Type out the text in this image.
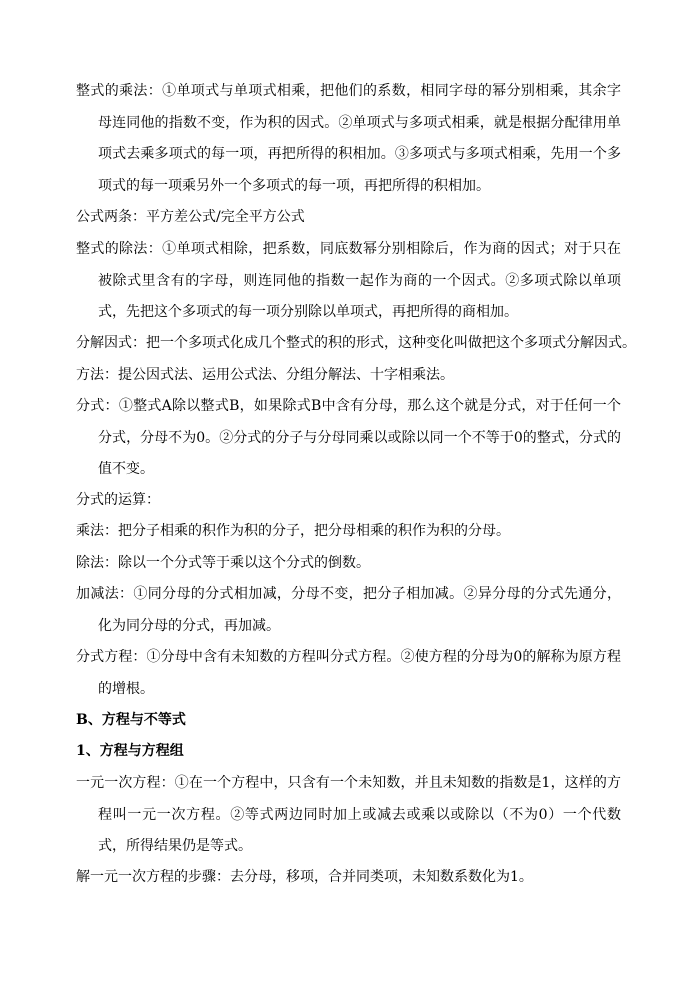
整式的乘法：①单项式与单项式相乘，把他们的系数，相同字母的幂分别相乘，其余字母连同他的指数不变，作为积的因式。②单项式与多项式相乘，就是根据分配律用单项式去乘多项式的每一项，再把所得的积相加。③多项式与多项式相乘，先用一个多项式的每一项乘另外一个多项式的每一项，再把所得的积相加。
公式两条：平方差公式/完全平方公式
整式的除法：①单项式相除，把系数，同底数幂分别相除后，作为商的因式；对于只在被除式里含有的字母，则连同他的指数一起作为商的一个因式。②多项式除以单项式，先把这个多项式的每一项分别除以单项式，再把所得的商相加。
分解因式：把一个多项式化成几个整式的积的形式，这种变化叫做把这个多项式分解因式。
方法：提公因式法、运用公式法、分组分解法、十字相乘法。
分式：①整式A除以整式B，如果除式B中含有分母，那么这个就是分式，对于任何一个分式，分母不为0。②分式的分子与分母同乘以或除以同一个不等于0的整式，分式的值不变。
分式的运算：
乘法：把分子相乘的积作为积的分子，把分母相乘的积作为积的分母。
除法：除以一个分式等于乘以这个分式的倒数。
加减法：①同分母的分式相加减，分母不变，把分子相加减。②异分母的分式先通分，化为同分母的分式，再加减。
分式方程：①分母中含有未知数的方程叫分式方程。②使方程的分母为0的解称为原方程的增根。
B、方程与不等式
1、方程与方程组
一元一次方程：①在一个方程中，只含有一个未知数，并且未知数的指数是1，这样的方程叫一元一次方程。②等式两边同时加上或减去或乘以或除以（不为0）一个代数式，所得结果仍是等式。
解一元一次方程的步骤：去分母，移项，合并同类项，未知数系数化为1。
